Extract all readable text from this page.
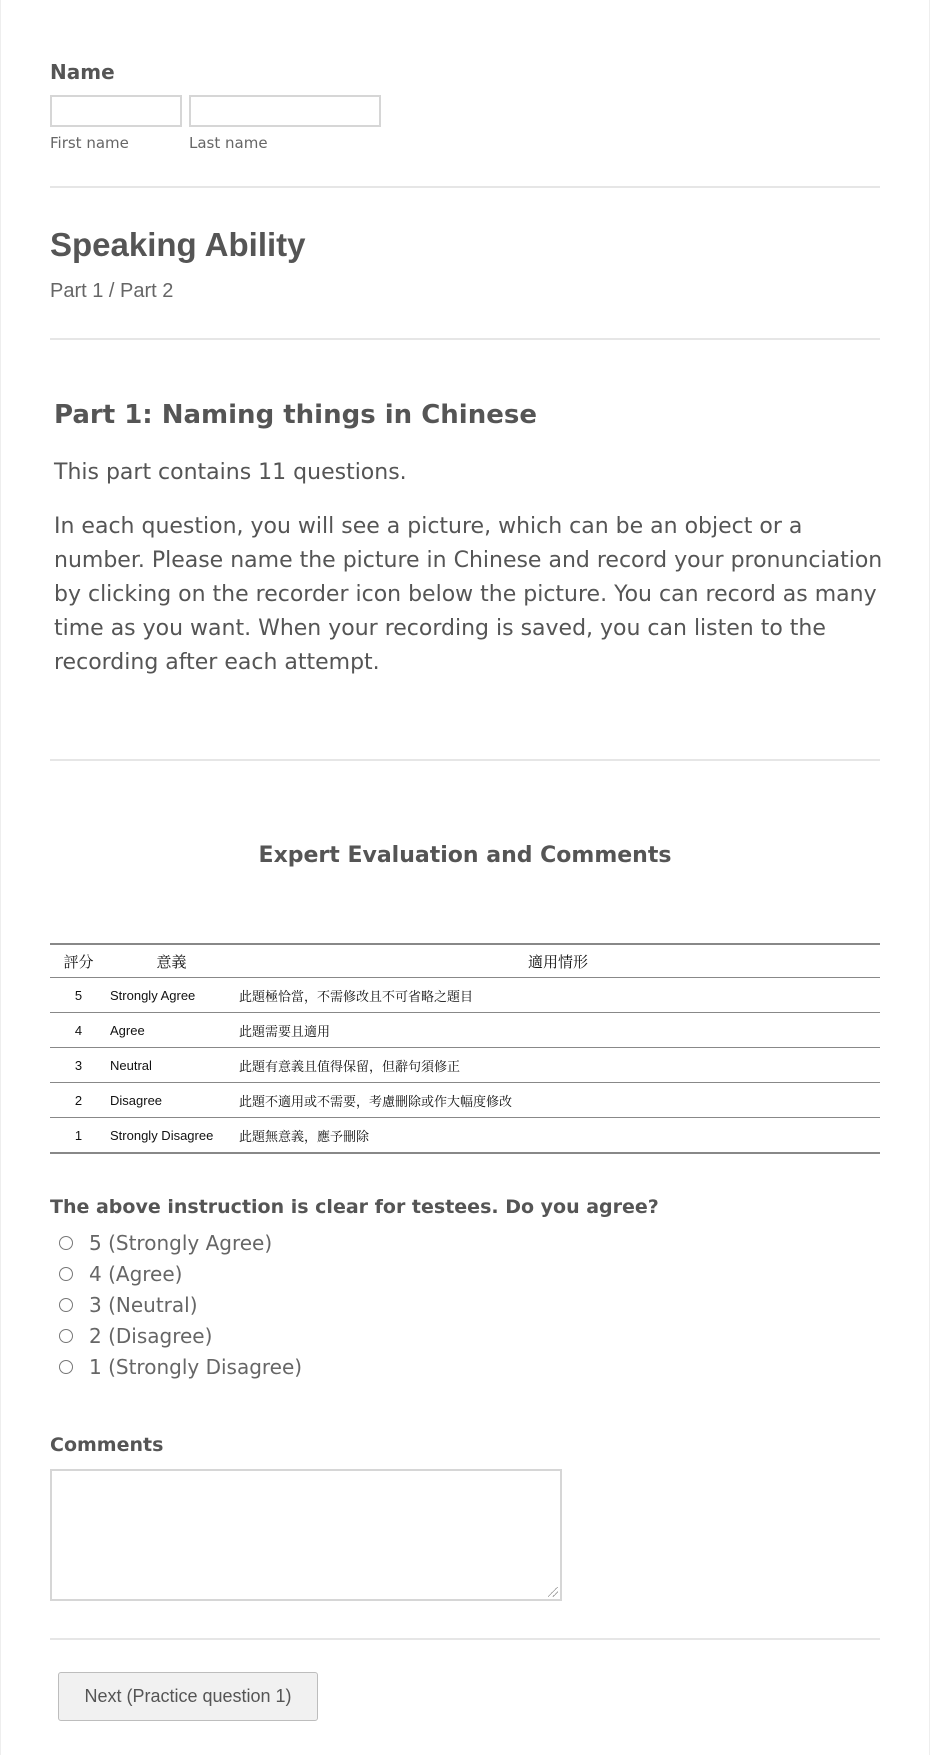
Name
First name	Last name
Speaking Ability
Part 1 / Part 2
Part 1: Naming things in Chinese
This part contains 11 questions.
In each question, you will see a picture, which can be an object or a number. Please name the picture in Chinese and record your pronunciation by clicking on the recorder icon below the picture. You can record as many time as you want. When your recording is saved, you can listen to the recording after each attempt.
Expert Evaluation and Comments
評分	意義	適用情形
5	Strongly Agree	此題極恰當，不需修改且不可省略之題目
4	Agree	此題需要且適用
3	Neutral	此題有意義且值得保留，但辭句須修正
2	Disagree	此題不適用或不需要，考慮刪除或作大幅度修改
1	Strongly Disagree	此題無意義，應予刪除
The above instruction is clear for testees. Do you agree?
5 (Strongly Agree)
4 (Agree)
3 (Neutral)
2 (Disagree)
1 (Strongly Disagree)
Comments
Next (Practice question 1)
